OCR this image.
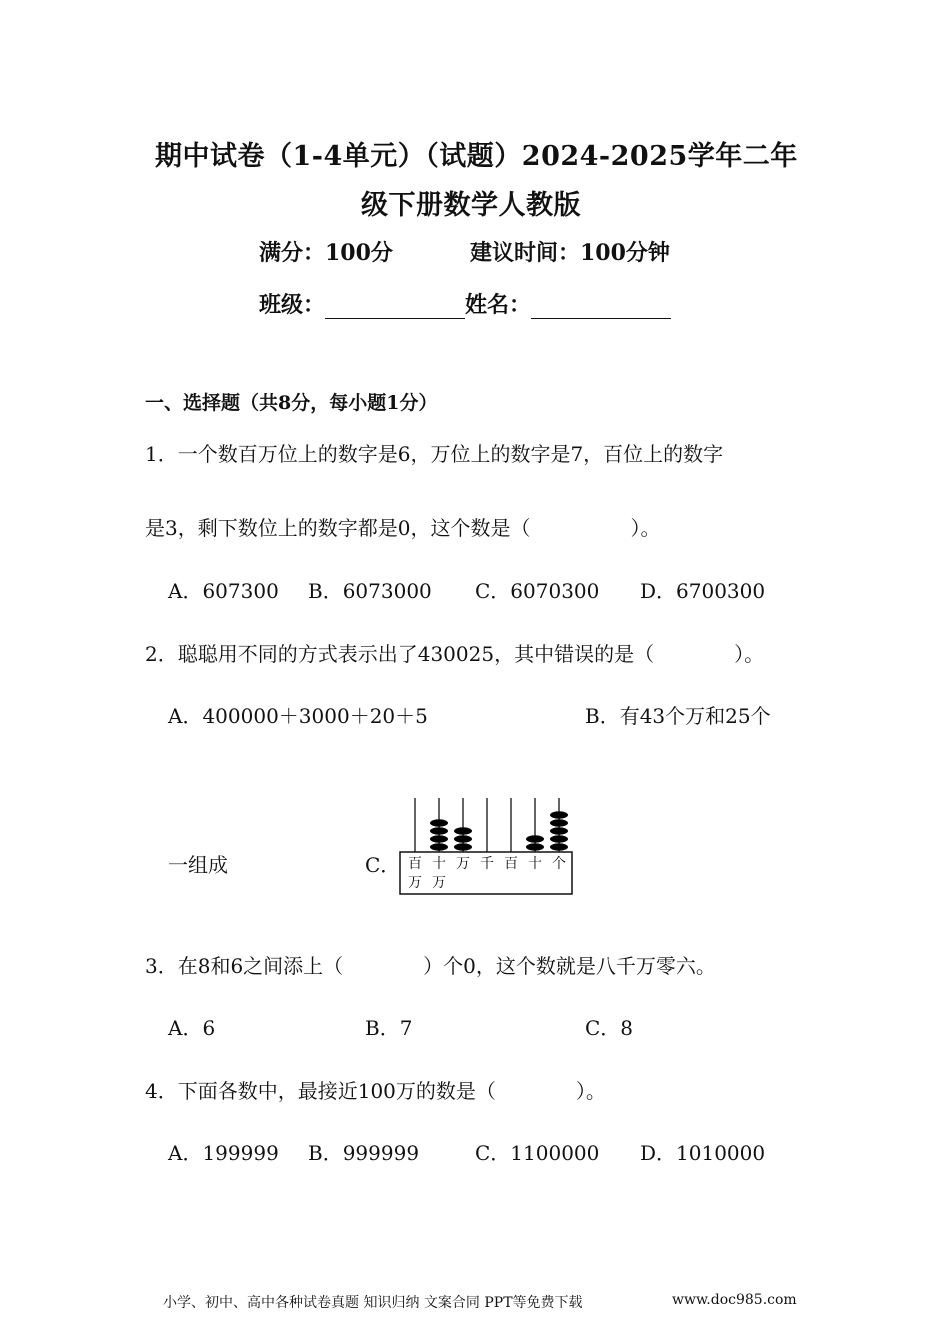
期中试卷（1-4单元）（试题）2024-2025学年二年
级下册数学人教版
满分：100分	建议时间：100分钟
班级：	姓名：
一、选择题（共8分，每小题1分）
1．一个数百万位上的数字是6，万位上的数字是7，百位上的数字
是3，剩下数位上的数字都是0，这个数是（　　　　　）。
A．607300 B．6073000 C．6070300 D．6700300
2．聪聪用不同的方式表示出了430025，其中错误的是（　　　　）。
A．400000＋3000＋20＋5	B．有43个万和25个
一组成	C． 百
万
十
万
万 千 百 十 个
3．在8和6之间添上（　　　　）个0，这个数就是八千万零六。
A．6	B．7	C．8
4．下面各数中，最接近100万的数是（　　　　）。
A．199999 B．999999	C．1100000 D．1010000
小学、初中、高中各种试卷真题 知识归纳 文案合同 PPT等免费下载	www.doc985.com
